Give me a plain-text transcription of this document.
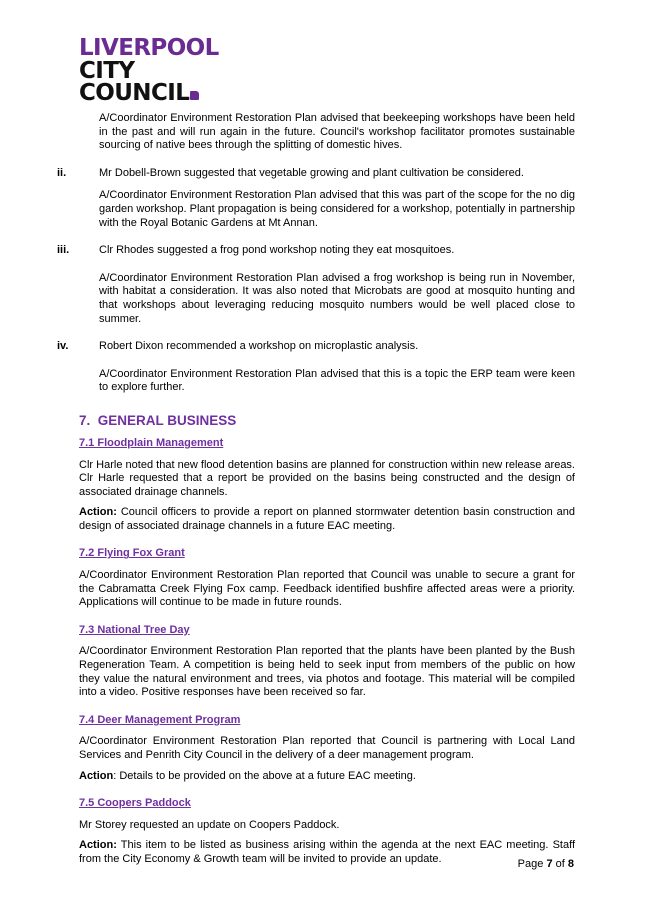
LIVERPOOL
CITY
COUNCIL

A/Coordinator Environment Restoration Plan advised that beekeeping workshops have been held in the past and will run again in the future. Council's workshop facilitator promotes sustainable sourcing of native bees through the splitting of domestic hives.

ii.	Mr Dobell-Brown suggested that vegetable growing and plant cultivation be considered.

A/Coordinator Environment Restoration Plan advised that this was part of the scope for the no dig garden workshop. Plant propagation is being considered for a workshop, potentially in partnership with the Royal Botanic Gardens at Mt Annan.

iii.	Clr Rhodes suggested a frog pond workshop noting they eat mosquitoes.

A/Coordinator Environment Restoration Plan advised a frog workshop is being run in November, with habitat a consideration. It was also noted that Microbats are good at mosquito hunting and that workshops about leveraging reducing mosquito numbers would be well placed close to summer.

iv.	Robert Dixon recommended a workshop on microplastic analysis.

A/Coordinator Environment Restoration Plan advised that this is a topic the ERP team were keen to explore further.

7. GENERAL BUSINESS
7.1 Floodplain Management

Clr Harle noted that new flood detention basins are planned for construction within new release areas. Clr Harle requested that a report be provided on the basins being constructed and the design of associated drainage channels.

Action: Council officers to provide a report on planned stormwater detention basin construction and design of associated drainage channels in a future EAC meeting.

7.2 Flying Fox Grant

A/Coordinator Environment Restoration Plan reported that Council was unable to secure a grant for the Cabramatta Creek Flying Fox camp. Feedback identified bushfire affected areas were a priority. Applications will continue to be made in future rounds.

7.3 National Tree Day

A/Coordinator Environment Restoration Plan reported that the plants have been planted by the Bush Regeneration Team. A competition is being held to seek input from members of the public on how they value the natural environment and trees, via photos and footage. This material will be compiled into a video. Positive responses have been received so far.

7.4 Deer Management Program

A/Coordinator Environment Restoration Plan reported that Council is partnering with Local Land Services and Penrith City Council in the delivery of a deer management program.

Action: Details to be provided on the above at a future EAC meeting.

7.5 Coopers Paddock

Mr Storey requested an update on Coopers Paddock.

Action: This item to be listed as business arising within the agenda at the next EAC meeting. Staff from the City Economy & Growth team will be invited to provide an update.	Page 7 of 8
